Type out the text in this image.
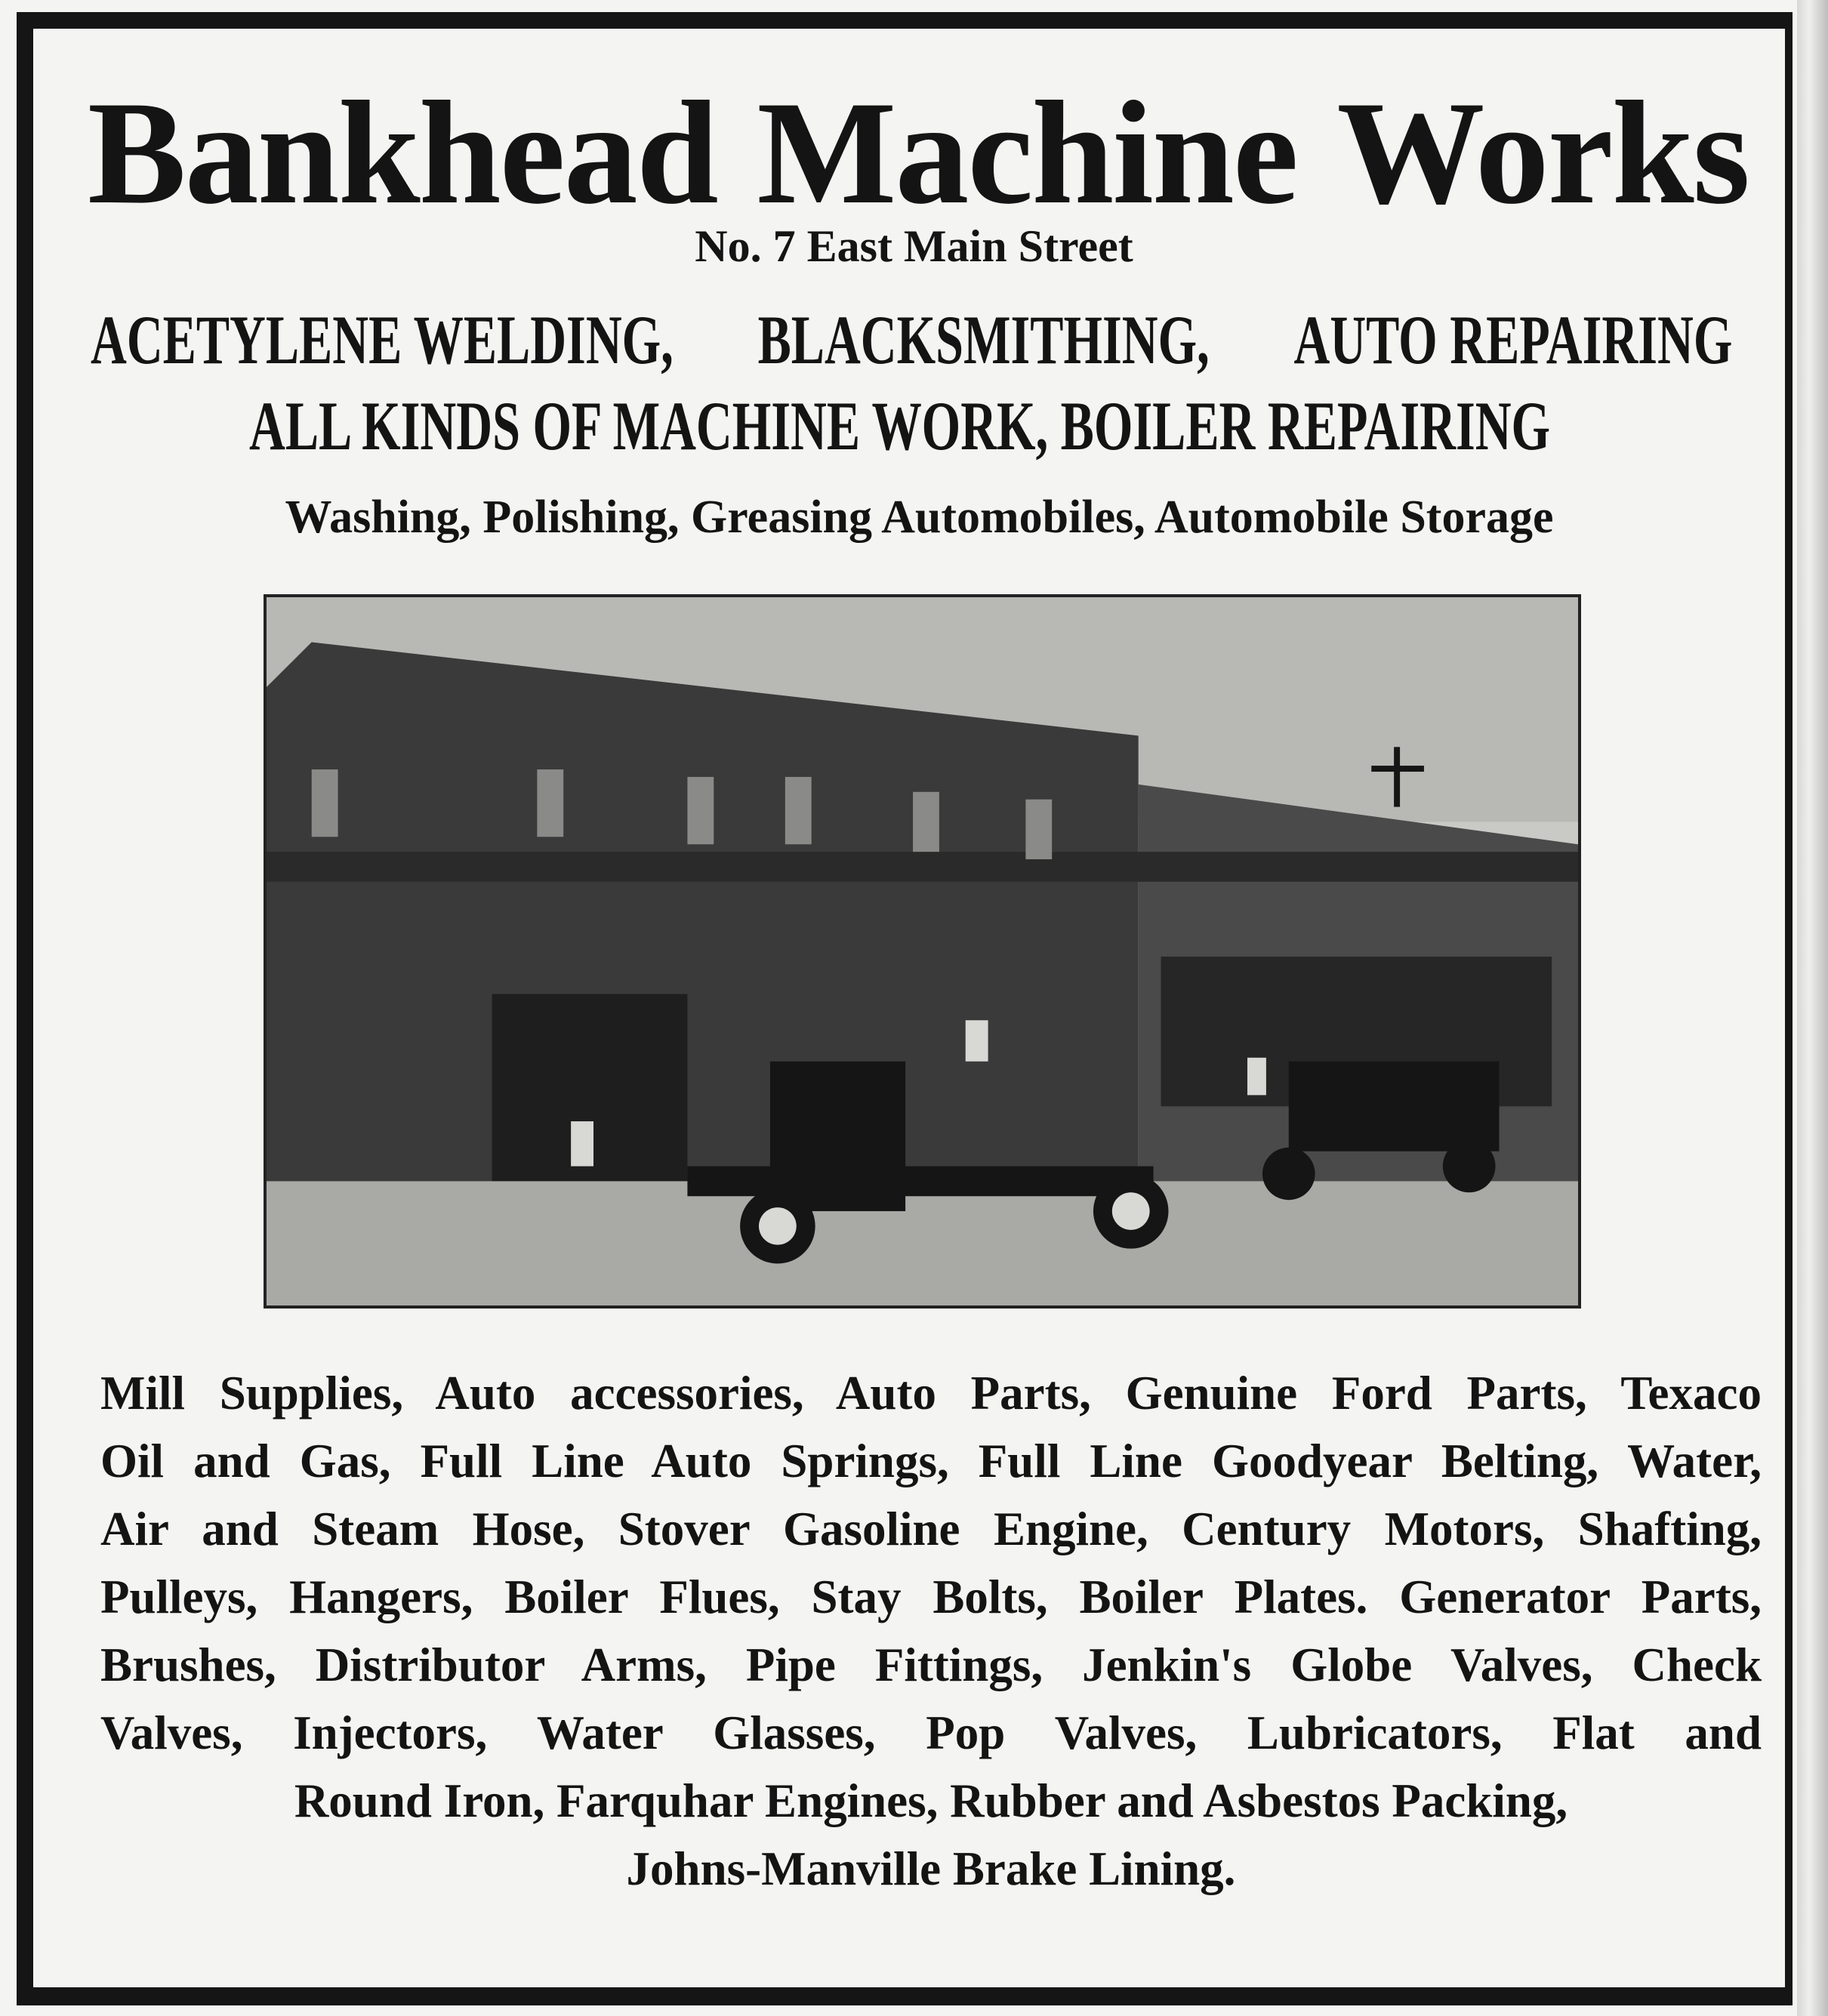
Bankhead Machine Works
No. 7 East Main Street
ACETYLENE WELDING, BLACKSMITHING, AUTO REPAIRING
ALL KINDS OF MACHINE WORK, BOILER REPAIRING
Washing, Polishing, Greasing Automobiles, Automobile Storage
Mill Supplies, Auto accessories, Auto Parts, Genuine Ford Parts, Texaco
Oil and Gas, Full Line Auto Springs, Full Line Goodyear Belting, Water,
Air and Steam Hose, Stover Gasoline Engine, Century Motors, Shafting,
Pulleys, Hangers, Boiler Flues, Stay Bolts, Boiler Plates. Generator Parts,
Brushes, Distributor Arms, Pipe Fittings, Jenkin's Globe Valves, Check
Valves, Injectors, Water Glasses, Pop Valves, Lubricators, Flat and
Round Iron, Farquhar Engines, Rubber and Asbestos Packing,
Johns-Manville Brake Lining.
